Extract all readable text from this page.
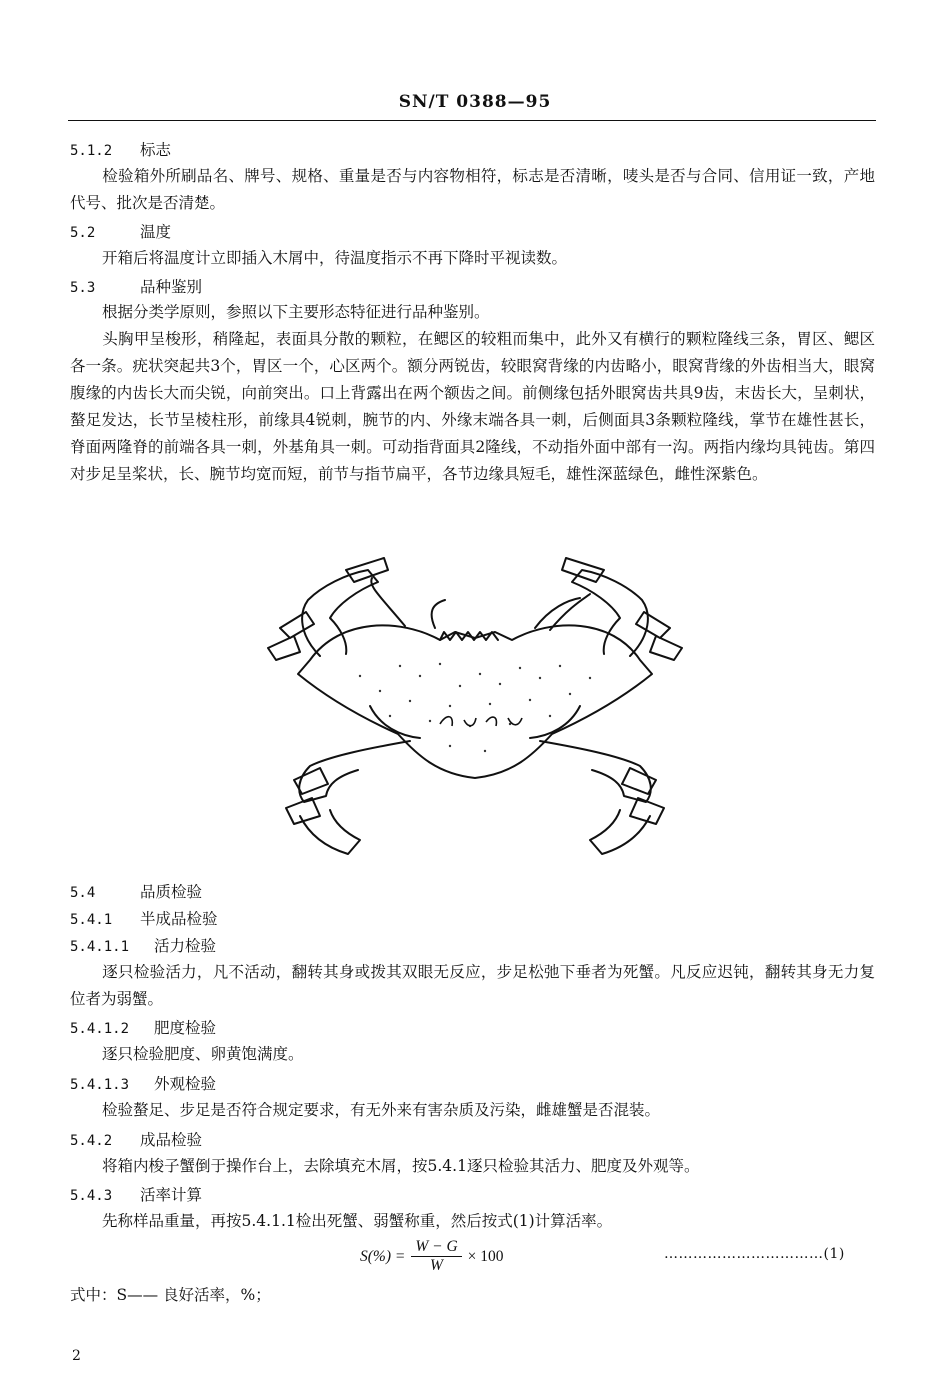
SN/T 0388—95
5.1.2 标志
检验箱外所刷品名、牌号、规格、重量是否与内容物相符，标志是否清晰，唛头是否与合同、信用证一致，产地代号、批次是否清楚。
5.2	温度
开箱后将温度计立即插入木屑中，待温度指示不再下降时平视读数。
5.3	品种鉴别
根据分类学原则，参照以下主要形态特征进行品种鉴别。
头胸甲呈梭形，稍隆起，表面具分散的颗粒，在鳃区的较粗而集中，此外又有横行的颗粒隆线三条，胃区、鳃区各一条。疣状突起共3个，胃区一个，心区两个。额分两锐齿，较眼窝背缘的内齿略小，眼窝背缘的外齿相当大，眼窝腹缘的内齿长大而尖锐，向前突出。口上背露出在两个额齿之间。前侧缘包括外眼窝齿共具9齿，末齿长大，呈刺状，螯足发达，长节呈棱柱形，前缘具4锐刺，腕节的内、外缘末端各具一刺，后侧面具3条颗粒隆线，掌节在雄性甚长，脊面两隆脊的前端各具一刺，外基角具一刺。可动指背面具2隆线，不动指外面中部有一沟。两指内缘均具钝齿。第四对步足呈桨状，长、腕节均宽而短，前节与指节扁平，各节边缘具短毛，雄性深蓝绿色，雌性深紫色。
5.4	品质检验
5.4.1 半成品检验
5.4.1.1 活力检验
逐只检验活力，凡不活动，翻转其身或拨其双眼无反应，步足松弛下垂者为死蟹。凡反应迟钝，翻转其身无力复位者为弱蟹。
5.4.1.2 肥度检验
逐只检验肥度、卵黄饱满度。
5.4.1.3 外观检验
检验螯足、步足是否符合规定要求，有无外来有害杂质及污染，雌雄蟹是否混装。
5.4.2 成品检验
将箱内梭子蟹倒于操作台上，去除填充木屑，按5.4.1逐只检验其活力、肥度及外观等。
5.4.3 活率计算
先称样品重量，再按5.4.1.1检出死蟹、弱蟹称重，然后按式(1)计算活率。
$S(\%) = \frac{W - G}{W} \times 100$	……………………………(1)
式中：S—— 良好活率，%；
2
